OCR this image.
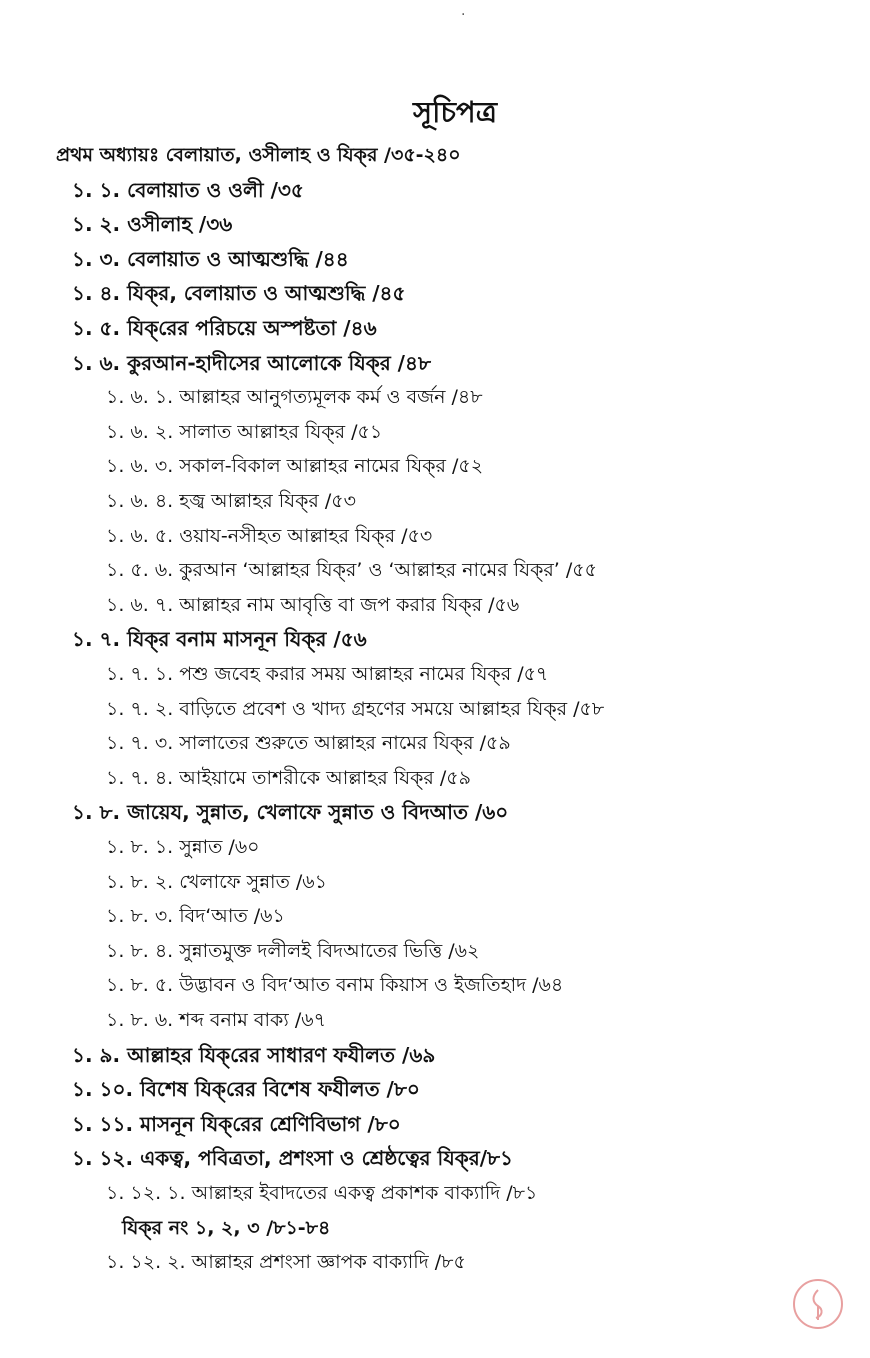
·
সূচিপত্র
প্রথম অধ্যায়ঃ বেলায়াত, ওসীলাহ ও যিক্‌র /৩৫-২৪০
১. ১. বেলায়াত ও ওলী /৩৫
১. ২. ওসীলাহ /৩৬
১. ৩. বেলায়াত ও আত্মশুদ্ধি /৪৪
১. ৪. যিক্‌র, বেলায়াত ও আত্মশুদ্ধি /৪৫
১. ৫. যিক্‌রের পরিচয়ে অস্পষ্টতা /৪৬
১. ৬. কুরআন-হাদীসের আলোকে যিক্‌র /৪৮
১. ৬. ১. আল্লাহর আনুগত্যমূলক কর্ম ও বর্জন /৪৮
১. ৬. ২. সালাত আল্লাহর যিক্‌র /৫১
১. ৬. ৩. সকাল-বিকাল আল্লাহর নামের যিক্‌র /৫২
১. ৬. ৪. হজ্ব আল্লাহর যিক্‌র /৫৩
১. ৬. ৫. ওয়ায-নসীহত আল্লাহর যিক্‌র /৫৩
১. ৫. ৬. কুরআন ‘আল্লাহর যিক্‌র’ ও ‘আল্লাহর নামের যিক্‌র’ /৫৫
১. ৬. ৭. আল্লাহর নাম আবৃত্তি বা জপ করার যিক্‌র /৫৬
১. ৭. যিক্‌র বনাম মাসনূন যিক্‌র /৫৬
১. ৭. ১. পশু জবেহ করার সময় আল্লাহর নামের যিক্‌র /৫৭
১. ৭. ২. বাড়িতে প্রবেশ ও খাদ্য গ্রহণের সময়ে আল্লাহর যিক্‌র /৫৮
১. ৭. ৩. সালাতের শুরুতে আল্লাহর নামের যিক্‌র /৫৯
১. ৭. ৪. আইয়ামে তাশরীকে আল্লাহর যিক্‌র /৫৯
১. ৮. জায়েয, সুন্নাত, খেলাফে সুন্নাত ও বিদআত /৬০
১. ৮. ১. সুন্নাত /৬০
১. ৮. ২. খেলাফে সুন্নাত /৬১
১. ৮. ৩. বিদ‘আত /৬১
১. ৮. ৪. সুন্নাতমুক্ত দলীলই বিদআতের ভিত্তি /৬২
১. ৮. ৫. উদ্ভাবন ও বিদ‘আত বনাম কিয়াস ও ইজতিহাদ /৬৪
১. ৮. ৬. শব্দ বনাম বাক্য /৬৭
১. ৯. আল্লাহর যিক্‌রের সাধারণ ফযীলত /৬৯
১. ১০. বিশেষ যিক্‌রের বিশেষ ফযীলত /৮০
১. ১১. মাসনূন যিক্‌রের শ্রেণিবিভাগ /৮০
১. ১২. একত্ব, পবিত্রতা, প্রশংসা ও শ্রেষ্ঠত্বের যিক্‌র/৮১
১. ১২. ১. আল্লাহর ইবাদতের একত্ব প্রকাশক বাক্যাদি /৮১
যিক্‌র নং ১, ২, ৩ /৮১-৮৪
১. ১২. ২. আল্লাহর প্রশংসা জ্ঞাপক বাক্যাদি /৮৫
